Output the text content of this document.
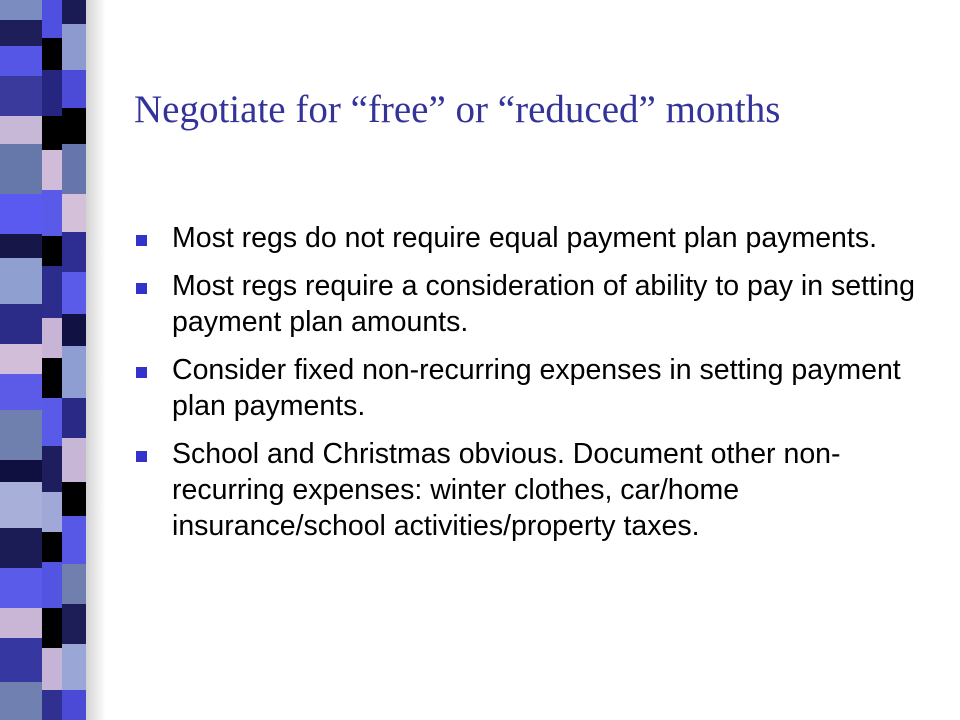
Negotiate for “free” or “reduced” months
Most regs do not require equal payment plan payments.
Most regs require a consideration of ability to pay in setting payment plan amounts.
Consider fixed non-recurring expenses in setting payment plan payments.
School and Christmas obvious. Document other non-recurring expenses: winter clothes, car/home insurance/school activities/property taxes.
